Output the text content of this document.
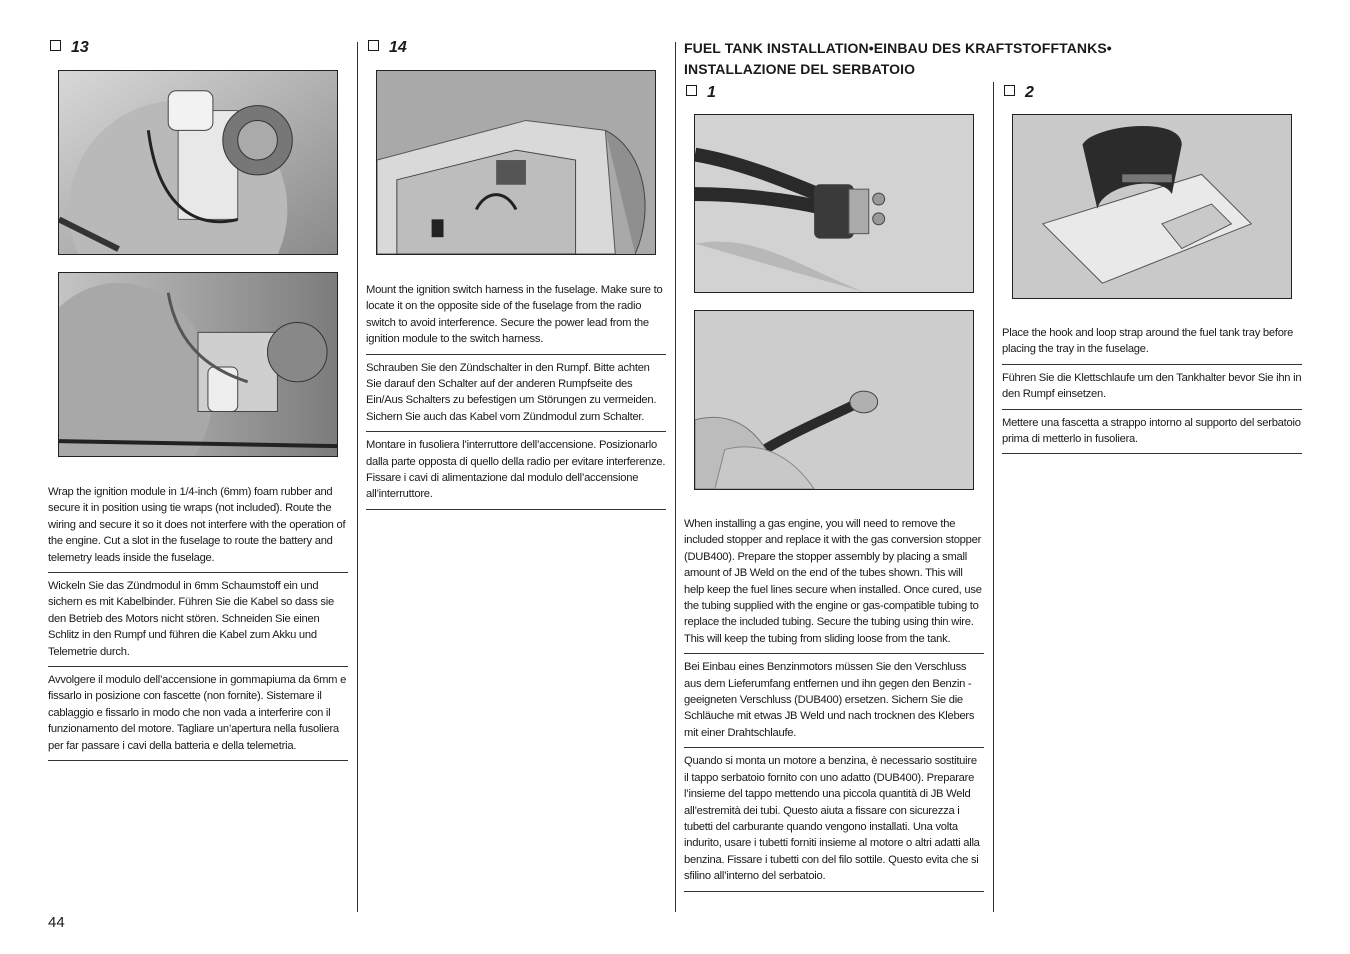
13	14
1	2
FUEL TANK INSTALLATION•EINBAU DES KRAFTSTOFFTANKS•
INSTALLAZIONE DEL SERBATOIO
Wrap the ignition module in 1/4-inch (6mm) foam rubber and secure it in position using tie wraps (not included). Route the wiring and secure it so it does not interfere with the operation of the engine. Cut a slot in the fuselage to route the battery and telemetry leads inside the fuselage.
Wickeln Sie das Zündmodul in 6mm Schaumstoff ein und sichern es mit Kabelbinder. Führen Sie die Kabel so dass sie den Betrieb des Motors nicht stören. Schneiden Sie einen Schlitz in den Rumpf und führen die Kabel zum Akku und Telemetrie durch.
Avvolgere il modulo dell’accensione in gommapiuma da 6mm e fissarlo in posizione con fascette (non fornite). Sistemare il cablaggio e fissarlo in modo che non vada a interferire con il funzionamento del motore. Tagliare un’apertura nella fusoliera per far passare i cavi della batteria e della telemetria.
Mount the ignition switch harness in the fuselage. Make sure to locate it on the opposite side of the fuselage from the radio switch to avoid interference. Secure the power lead from the ignition module to the switch harness.
Schrauben Sie den Zündschalter in den Rumpf. Bitte achten Sie darauf den Schalter auf der anderen Rumpfseite des Ein/Aus Schalters zu befestigen um Störungen zu vermeiden. Sichern Sie auch das Kabel vom Zündmodul zum Schalter.
Montare in fusoliera l’interruttore dell’accensione. Posizionarlo dalla parte opposta di quello della radio per evitare interferenze. Fissare i cavi di alimentazione dal modulo dell’accensione all’interruttore.
When installing a gas engine, you will need to remove the included stopper and replace it with the gas conversion stopper (DUB400). Prepare the stopper assembly by placing a small amount of JB Weld on the end of the tubes shown. This will help keep the fuel lines secure when installed. Once cured, use the tubing supplied with the engine or gas-compatible tubing to replace the included tubing. Secure the tubing using thin wire. This will keep the tubing from sliding loose from the tank.
Bei Einbau eines Benzinmotors müssen Sie den Verschluss aus dem Lieferumfang entfernen und ihn gegen den Benzin - geeigneten Verschluss (DUB400) ersetzen. Sichern Sie die Schläuche mit etwas JB Weld und nach trocknen des Klebers mit einer Drahtschlaufe.
Quando si monta un motore a benzina, è necessario sostituire il tappo serbatoio fornito con uno adatto (DUB400). Preparare l’insieme del tappo mettendo una piccola quantità di JB Weld all’estremità dei tubi. Questo aiuta a fissare con sicurezza i tubetti del carburante quando vengono installati. Una volta indurito, usare i tubetti forniti insieme al motore o altri adatti alla benzina. Fissare i tubetti con del filo sottile. Questo evita che si sfilino all’interno del serbatoio.
Place the hook and loop strap around the fuel tank tray before placing the tray in the fuselage.
Führen Sie die Klettschlaufe um den Tankhalter bevor Sie ihn in den Rumpf einsetzen.
Mettere una fascetta a strappo intorno al supporto del serbatoio prima di metterlo in fusoliera.
44
